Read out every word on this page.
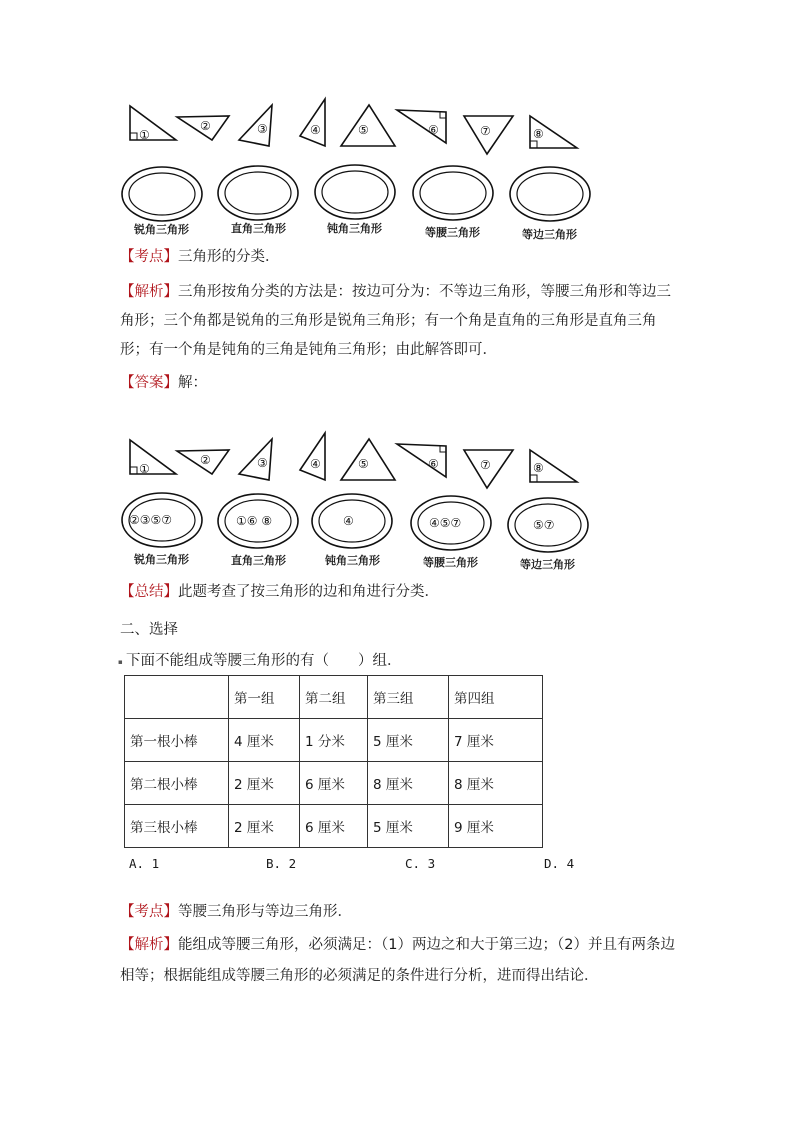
①
②	③	④	⑤	⑥	⑦	⑧
锐角三角形	直角三角形	钝角三角形	等腰三角形	等边三角形
【考点】三角形的分类．
【解析】三角形按角分类的方法是：按边可分为：不等边三角形，等腰三角形和等边三角形；三个角都是锐角的三角形是锐角三角形；有一个角是直角的三角形是直角三角形；有一个角是钝角的三角是钝角三角形；由此解答即可．
【答案】解：
①
②	③	④	⑤	⑥	⑦	⑧
②③⑤⑦	①⑥ ⑧	④	④⑤⑦	⑤⑦
锐角三角形	直角三角形	钝角三角形	等腰三角形	等边三角形
【总结】此题考查了按三角形的边和角进行分类．
二、选择
▪ 下面不能组成等腰三角形的有（　　）组．
	第一组	第二组	第三组	第四组
第一根小棒	4 厘米	1 分米	5 厘米	7 厘米
第二根小棒	2 厘米	6 厘米	8 厘米	8 厘米
第三根小棒	2 厘米	6 厘米	5 厘米	9 厘米
A. 1	B. 2	C. 3	D. 4
【考点】等腰三角形与等边三角形．
【解析】能组成等腰三角形，必须满足：（1）两边之和大于第三边；（2）并且有两条边相等；根据能组成等腰三角形的必须满足的条件进行分析，进而得出结论．
